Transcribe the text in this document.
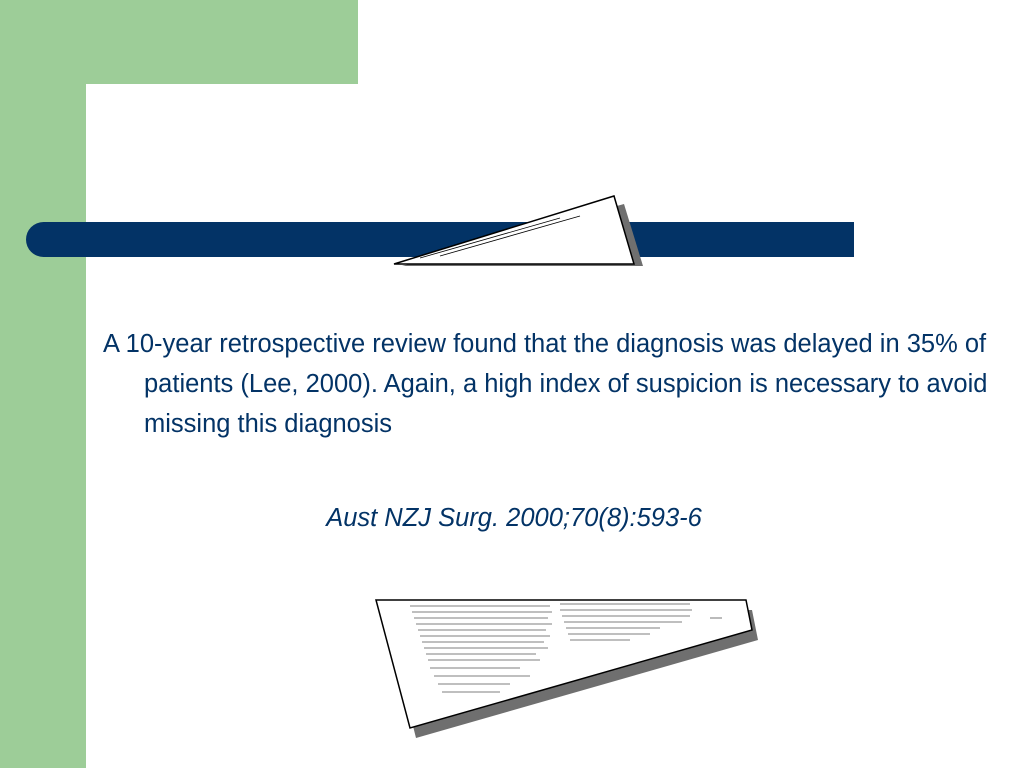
A 10-year retrospective review found that the diagnosis was delayed in 35% of patients (Lee, 2000). Again, a high index of suspicion is necessary to avoid missing this diagnosis

Aust NZJ Surg. 2000;70(8):593-6
